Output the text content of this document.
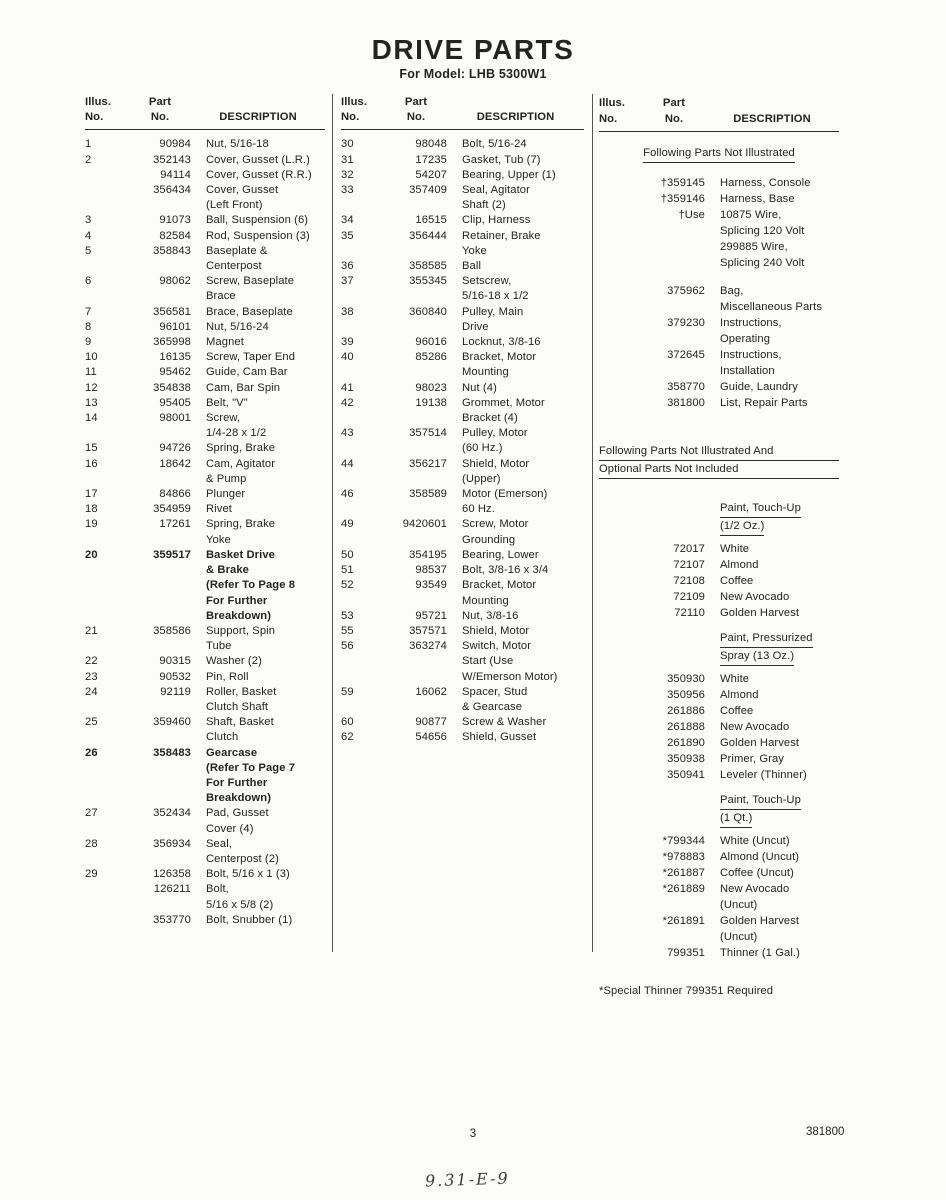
DRIVE PARTS
For Model: LHB 5300W1
Illus.
No.
Part
No.	DESCRIPTION
1	90984 Nut, 5/16-18
2	352143 Cover, Gusset (L.R.)
94114 Cover, Gusset (R.R.)
356434 Cover, Gusset
(Left Front)
3	91073 Ball, Suspension (6)
4	82584 Rod, Suspension (3)
5	358843 Baseplate &
Centerpost
6	98062 Screw, Baseplate
Brace
7	356581 Brace, Baseplate
8	96101 Nut, 5/16-24
9	365998 Magnet
10	16135 Screw, Taper End
11	95462 Guide, Cam Bar
12	354838 Cam, Bar Spin
13	95405 Belt, "V"
14	98001 Screw,
1/4-28 x 1/2
15	94726 Spring, Brake
16	18642 Cam, Agitator
& Pump
17	84866 Plunger
18	354959 Rivet
19	17261 Spring, Brake
Yoke
20	359517 Basket Drive
& Brake
(Refer To Page 8
For Further
Breakdown)
21	358586 Support, Spin
Tube
22	90315 Washer (2)
23	90532 Pin, Roll
24	92119 Roller, Basket
Clutch Shaft
25	359460 Shaft, Basket
Clutch
26	358483 Gearcase
(Refer To Page 7
For Further
Breakdown)
27	352434 Pad, Gusset
Cover (4)
28	356934 Seal,
Centerpost (2)
29	126358 Bolt, 5/16 x 1 (3)
126211 Bolt,
5/16 x 5/8 (2)
353770 Bolt, Snubber (1)
Illus.
No.
Part
No.	DESCRIPTION
30	98048 Bolt, 5/16-24
31	17235 Gasket, Tub (7)
32	54207 Bearing, Upper (1)
33	357409 Seal, Agitator
Shaft (2)
34	16515 Clip, Harness
35	356444 Retainer, Brake
Yoke
36	358585 Ball
37	355345 Setscrew,
5/16-18 x 1/2
38	360840 Pulley, Main
Drive
39	96016 Locknut, 3/8-16
40	85286 Bracket, Motor
Mounting
41	98023 Nut (4)
42	19138 Grommet, Motor
Bracket (4)
43	357514 Pulley, Motor
(60 Hz.)
44	356217 Shield, Motor
(Upper)
46	358589 Motor (Emerson)
60 Hz.
49	9420601 Screw, Motor
Grounding
50	354195 Bearing, Lower
51	98537 Bolt, 3/8-16 x 3/4
52	93549 Bracket, Motor
Mounting
53	95721 Nut, 3/8-16
55	357571 Shield, Motor
56	363274 Switch, Motor
Start (Use
W/Emerson Motor)
59	16062 Spacer, Stud
& Gearcase
60	90877 Screw & Washer
62	54656 Shield, Gusset
Illus.
No.
Part
No.	DESCRIPTION
Following Parts Not Illustrated
†359145 Harness, Console
†359146 Harness, Base
†Use 10875 Wire,
Splicing 120 Volt
299885 Wire,
Splicing 240 Volt
375962 Bag,
Miscellaneous Parts
379230 Instructions,
Operating
372645 Instructions,
Installation
358770 Guide, Laundry
381800 List, Repair Parts
Following Parts Not Illustrated And
Optional Parts Not Included
Paint, Touch-Up
(1/2 Oz.)
72017 White
72107 Almond
72108 Coffee
72109 New Avocado
72110 Golden Harvest
Paint, Pressurized
Spray (13 Oz.)
350930 White
350956 Almond
261886 Coffee
261888 New Avocado
261890 Golden Harvest
350938 Primer, Gray
350941 Leveler (Thinner)
Paint, Touch-Up
(1 Qt.)
*799344 White (Uncut)
*978883 Almond (Uncut)
*261887 Coffee (Uncut)
*261889 New Avocado
(Uncut)
*261891 Golden Harvest
(Uncut)
799351 Thinner (1 Gal.)
*Special Thinner 799351 Required
3	381800
9.31-E-9
